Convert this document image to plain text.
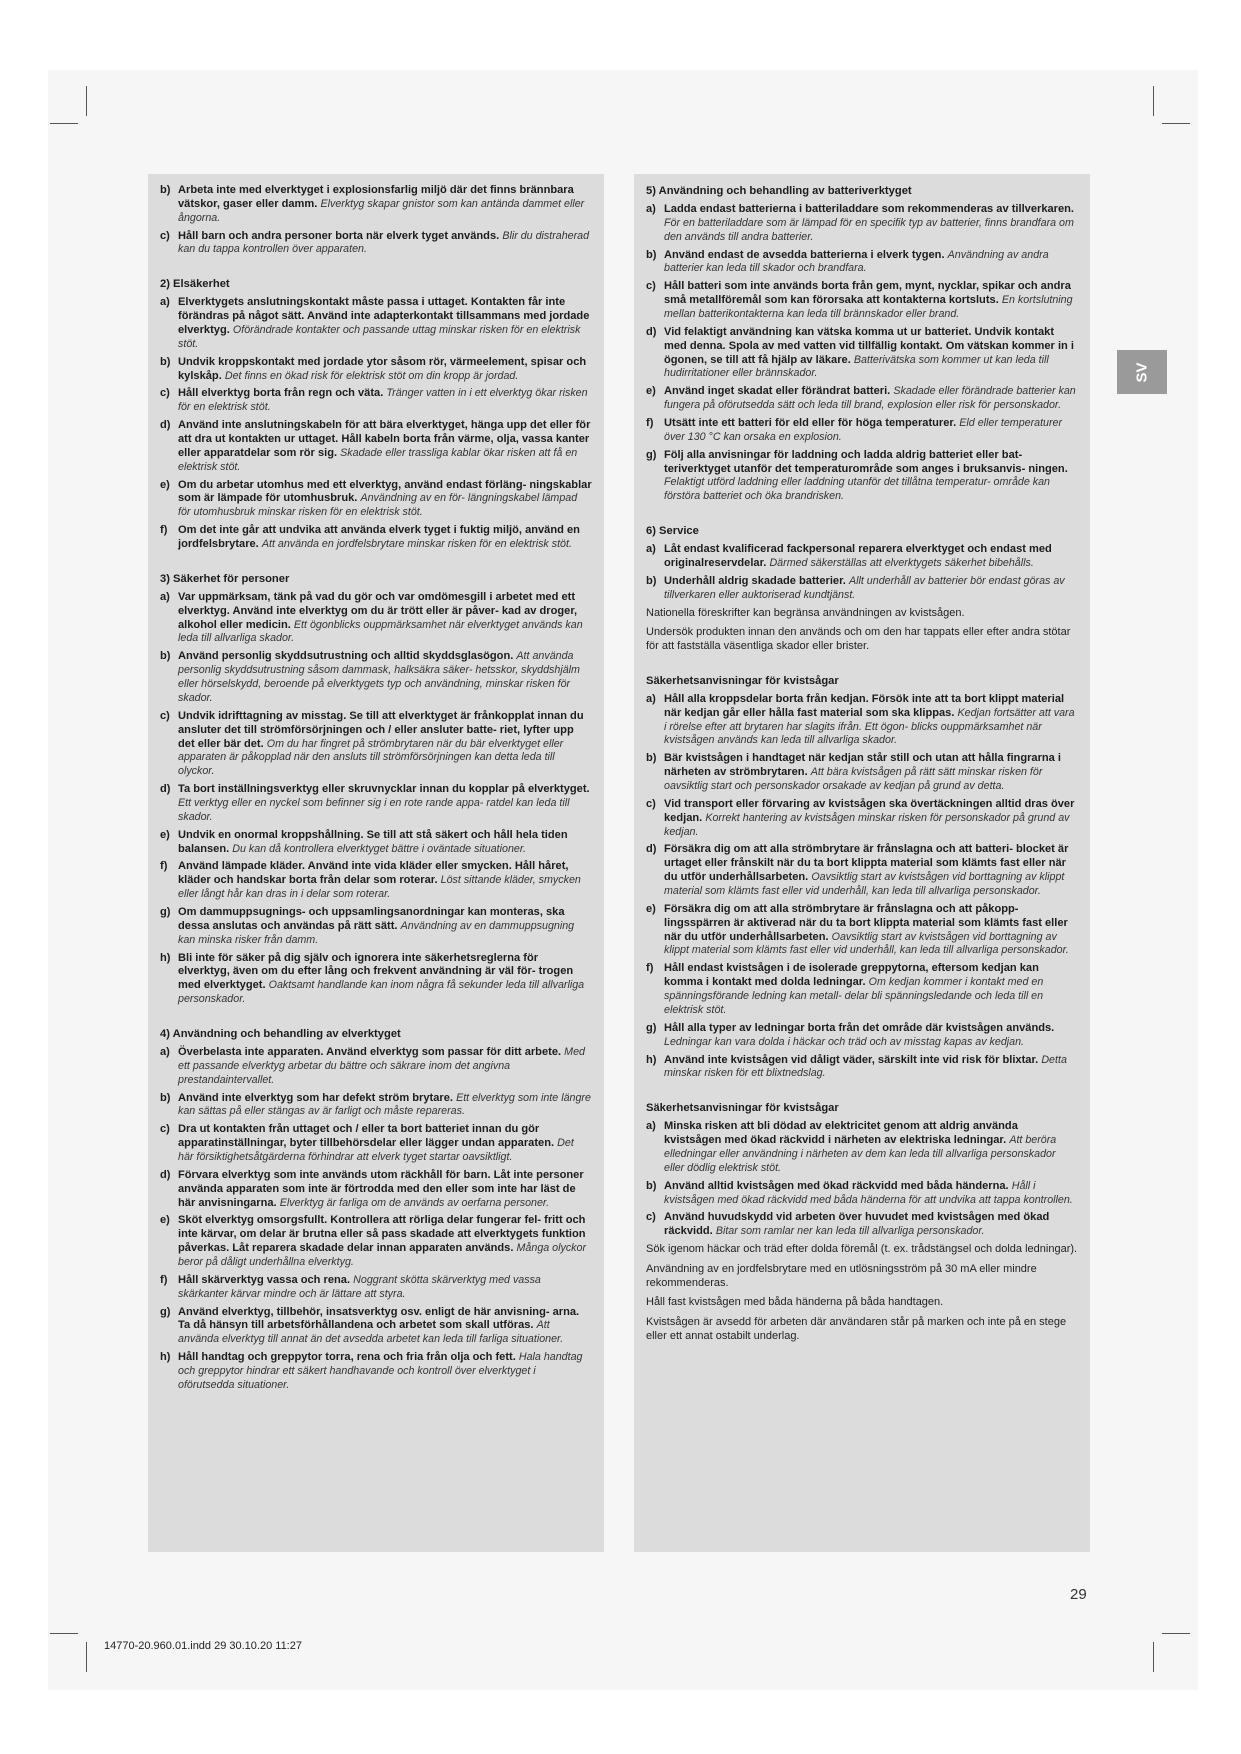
b) Arbeta inte med elverktyget i explosionsfarlig miljö där det finns brännbara vätskor, gaser eller damm. Elverktyg skapar gnistor som kan antända dammet eller ångorna.
c) Håll barn och andra personer borta när elverk tyget används. Blir du distraherad kan du tappa kontrollen över apparaten.
2) Elsäkerhet
a) Elverktygets anslutningskontakt måste passa i uttaget. Kontakten får inte förändras på något sätt. Använd inte adapterkontakt tillsammans med jordade elverktyg. Oförändrade kontakter och passande uttag minskar risken för en elektrisk stöt.
b) Undvik kroppskontakt med jordade ytor såsom rör, värmeelement, spisar och kylskåp. Det finns en ökad risk för elektrisk stöt om din kropp är jordad.
c) Håll elverktyg borta från regn och väta. Tränger vatten in i ett elverktyg ökar risken för en elektrisk stöt.
d) Använd inte anslutningskabeln för att bära elverktyget, hänga upp det eller för att dra ut kontakten ur uttaget. Håll kabeln borta från värme, olja, vassa kanter eller apparatdelar som rör sig. Skadade eller trassliga kablar ökar risken att få en elektrisk stöt.
e) Om du arbetar utomhus med ett elverktyg, använd endast förläng- ningskablar som är lämpade för utomhusbruk. Användning av en för- längningskabel lämpad för utomhusbruk minskar risken för en elektrisk stöt.
f) Om det inte går att undvika att använda elverk tyget i fuktig miljö, använd en jordfelsbrytare. Att använda en jordfelsbrytare minskar risken för en elektrisk stöt.
3) Säkerhet för personer
a) Var uppmärksam, tänk på vad du gör och var omdömesgill i arbetet med ett elverktyg. Använd inte elverktyg om du är trött eller är påver- kad av droger, alkohol eller medicin. Ett ögonblicks ouppmärksamhet när elverktyget används kan leda till allvarliga skador.
b) Använd personlig skyddsutrustning och alltid skyddsglasögon. Att använda personlig skyddsutrustning såsom dammask, halksäkra säker- hetsskor, skyddshjälm eller hörselskydd, beroende på elverktygets typ och användning, minskar risken för skador.
c) Undvik idrifttagning av misstag. Se till att elverktyget är frånkopplat innan du ansluter det till strömförsörjningen och / eller ansluter batte- riet, lyfter upp det eller bär det. Om du har fingret på strömbrytaren när du bär elverktyget eller apparaten är påkopplad när den ansluts till strömförsörjningen kan detta leda till olyckor.
d) Ta bort inställningsverktyg eller skruvnycklar innan du kopplar på elverktyget. Ett verktyg eller en nyckel som befinner sig i en rote rande appa- ratdel kan leda till skador.
e) Undvik en onormal kroppshållning. Se till att stå säkert och håll hela tiden balansen. Du kan då kontrollera elverktyget bättre i oväntade situationer.
f) Använd lämpade kläder. Använd inte vida kläder eller smycken. Håll håret, kläder och handskar borta från delar som roterar. Löst sittande kläder, smycken eller långt hår kan dras in i delar som roterar.
g) Om dammuppsugnings- och uppsamlingsanordningar kan monteras, ska dessa anslutas och användas på rätt sätt. Användning av en dammuppsugning kan minska risker från damm.
h) Bli inte för säker på dig själv och ignorera inte säkerhetsreglerna för elverktyg, även om du efter lång och frekvent användning är väl för- trogen med elverktyget. Oaktsamt handlande kan inom några få sekunder leda till allvarliga personskador.
4) Användning och behandling av elverktyget
a) Överbelasta inte apparaten. Använd elverktyg som passar för ditt arbete. Med ett passande elverktyg arbetar du bättre och säkrare inom det angivna prestandaintervallet.
b) Använd inte elverktyg som har defekt ström brytare. Ett elverktyg som inte längre kan sättas på eller stängas av är farligt och måste repareras.
c) Dra ut kontakten från uttaget och / eller ta bort batteriet innan du gör apparatinställningar, byter tillbehörsdelar eller lägger undan apparaten. Det här försiktighetsåtgärderna förhindrar att elverk tyget startar oavsiktligt.
d) Förvara elverktyg som inte används utom räckhåll för barn. Låt inte personer använda apparaten som inte är förtrodda med den eller som inte har läst de här anvisningarna. Elverktyg är farliga om de används av oerfarna personer.
e) Sköt elverktyg omsorgsfullt. Kontrollera att rörliga delar fungerar fel- fritt och inte kärvar, om delar är brutna eller så pass skadade att elverktygets funktion påverkas. Låt reparera skadade delar innan apparaten används. Många olyckor beror på dåligt underhållna elverktyg.
f) Håll skärverktyg vassa och rena. Noggrant skötta skärverktyg med vassa skärkanter kärvar mindre och är lättare att styra.
g) Använd elverktyg, tillbehör, insatsverktyg osv. enligt de här anvisning- arna. Ta då hänsyn till arbetsförhållandena och arbetet som skall utföras. Att använda elverktyg till annat än det avsedda arbetet kan leda till farliga situationer.
h) Håll handtag och greppytor torra, rena och fria från olja och fett. Hala handtag och greppytor hindrar ett säkert handhavande och kontroll över elverktyget i oförutsedda situationer.
5) Användning och behandling av batteriverktyget
a) Ladda endast batterierna i batteriladdare som rekommenderas av tillverkaren. För en batteriladdare som är lämpad för en specifik typ av batterier, finns brandfara om den används till andra batterier.
b) Använd endast de avsedda batterierna i elverk tygen. Användning av andra batterier kan leda till skador och brandfara.
c) Håll batteri som inte används borta från gem, mynt, nycklar, spikar och andra små metallföremål som kan förorsaka att kontakterna kortsluts. En kortslutning mellan batterikontakterna kan leda till brännskador eller brand.
d) Vid felaktigt användning kan vätska komma ut ur batteriet. Undvik kontakt med denna. Spola av med vatten vid tillfällig kontakt. Om vätskan kommer in i ögonen, se till att få hjälp av läkare. Batterivätska som kommer ut kan leda till hudirritationer eller brännskador.
e) Använd inget skadat eller förändrat batteri. Skadade eller förändrade batterier kan fungera på oförutsedda sätt och leda till brand, explosion eller risk för personskador.
f) Utsätt inte ett batteri för eld eller för höga temperaturer. Eld eller temperaturer över 130 °C kan orsaka en explosion.
g) Följ alla anvisningar för laddning och ladda aldrig batteriet eller bat- teriverktyget utanför det temperaturområde som anges i bruksanvis- ningen. Felaktigt utförd laddning eller laddning utanför det tillåtna temperatur- område kan förstöra batteriet och öka brandrisken.
6) Service
a) Låt endast kvalificerad fackpersonal reparera elverktyget och endast med originalreservdelar. Därmed säkerställas att elverktygets säkerhet bibehålls.
b) Underhåll aldrig skadade batterier. Allt underhåll av batterier bör endast göras av tillverkaren eller auktoriserad kundtjänst.

Nationella föreskrifter kan begränsa användningen av kvistsågen.

Undersök produkten innan den används och om den har tappats eller efter andra stötar för att fastställa väsentliga skador eller brister.

Säkerhetsanvisningar för kvistsågar
a) Håll alla kroppsdelar borta från kedjan. Försök inte att ta bort klippt material när kedjan går eller hålla fast material som ska klippas. Kedjan fortsätter att vara i rörelse efter att brytaren har slagits ifrån. Ett ögon- blicks ouppmärksamhet när kvistsågen används kan leda till allvarliga skador.
b) Bär kvistsågen i handtaget när kedjan står still och utan att hålla fingrarna i närheten av strömbrytaren. Att bära kvistsågen på rätt sätt minskar risken för oavsiktlig start och personskador orsakade av kedjan på grund av detta.
c) Vid transport eller förvaring av kvistsågen ska övertäckningen alltid dras över kedjan. Korrekt hantering av kvistsågen minskar risken för personskador på grund av kedjan.
d) Försäkra dig om att alla strömbrytare är frånslagna och att batteri- blocket är urtaget eller frånskilt när du ta bort klippta material som klämts fast eller när du utför underhållsarbeten. Oavsiktlig start av kvistsågen vid borttagning av klippt material som klämts fast eller vid underhåll, kan leda till allvarliga personskador.
e) Försäkra dig om att alla strömbrytare är frånslagna och att påkopp- lingsspärren är aktiverad när du ta bort klippta material som klämts fast eller när du utför underhållsarbeten. Oavsiktlig start av kvistsågen vid borttagning av klippt material som klämts fast eller vid underhåll, kan leda till allvarliga personskador.
f) Håll endast kvistsågen i de isolerade greppytorna, eftersom kedjan kan komma i kontakt med dolda ledningar. Om kedjan kommer i kontakt med en spänningsförande ledning kan metall- delar bli spänningsledande och leda till en elektrisk stöt.
g) Håll alla typer av ledningar borta från det område där kvistsågen används. Ledningar kan vara dolda i häckar och träd och av misstag kapas av kedjan.
h) Använd inte kvistsågen vid dåligt väder, särskilt inte vid risk för blixtar. Detta minskar risken för ett blixtnedslag.
Säkerhetsanvisningar för kvistsågar
a) Minska risken att bli dödad av elektricitet genom att aldrig använda kvistsågen med ökad räckvidd i närheten av elektriska ledningar. Att beröra elledningar eller användning i närheten av dem kan leda till allvarliga personskador eller dödlig elektrisk stöt.
b) Använd alltid kvistsågen med ökad räckvidd med båda händerna. Håll i kvistsågen med ökad räckvidd med båda händerna för att undvika att tappa kontrollen.
c) Använd huvudskydd vid arbeten över huvudet med kvistsågen med ökad räckvidd. Bitar som ramlar ner kan leda till allvarliga personskador.

Sök igenom häckar och träd efter dolda föremål (t. ex. trådstängsel och dolda ledningar).

Användning av en jordfelsbrytare med en utlösningsström på 30 mA eller mindre rekommenderas.

Håll fast kvistsågen med båda händerna på båda handtagen.

Kvistsågen är avsedd för arbeten där användaren står på marken och inte på en stege eller ett annat ostabilt underlag.

SV
29
14770-20.960.01.indd 29 30.10.20 11:27
